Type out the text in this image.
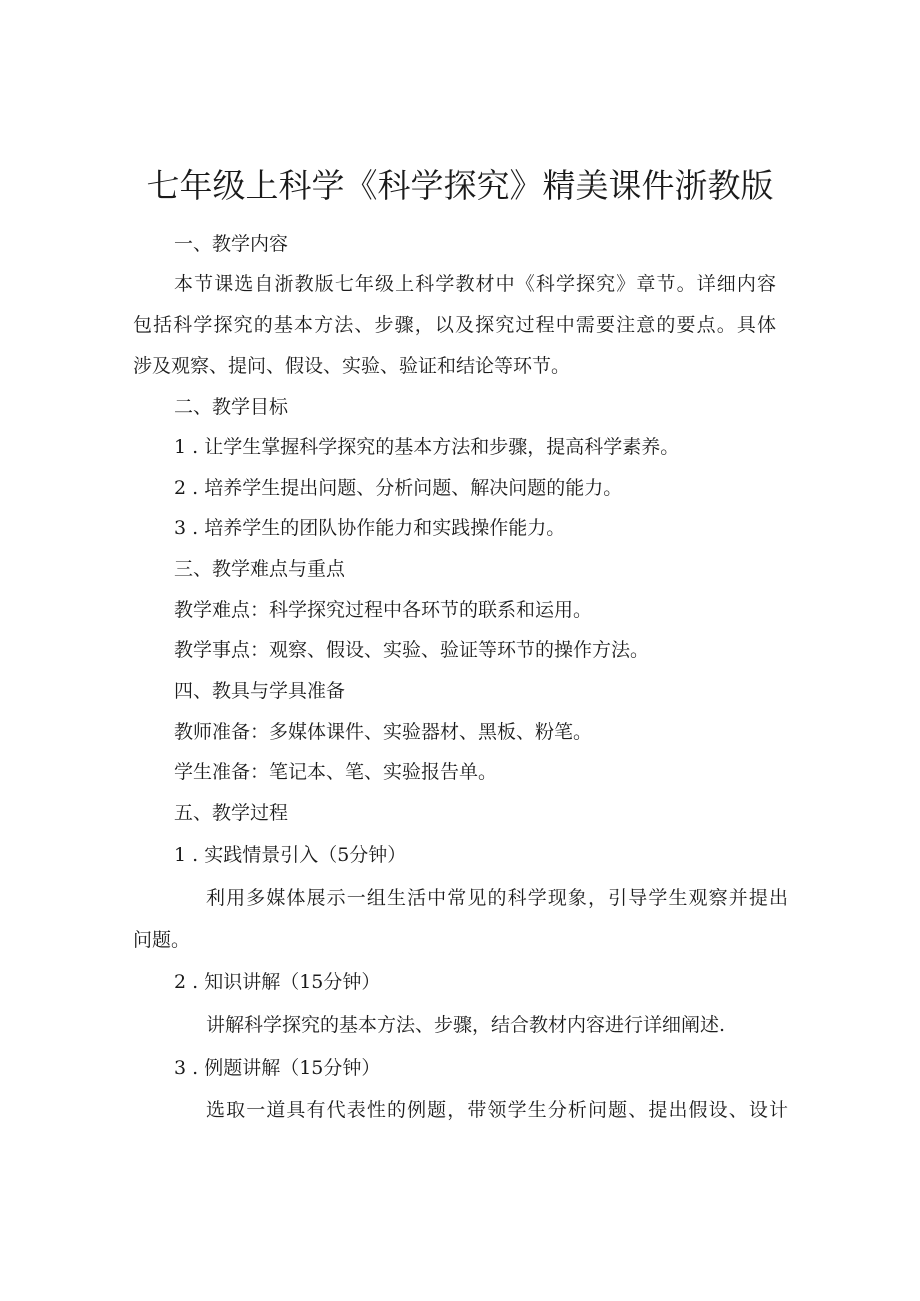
七年级上科学《科学探究》精美课件浙教版

一、教学内容

本节课选自浙教版七年级上科学教材中《科学探究》章节。详细内容

包括科学探究的基本方法、步骤，以及探究过程中需要注意的要点。具体

涉及观察、提问、假设、实验、验证和结论等环节。

二、教学目标

1 . 让学生掌握科学探究的基本方法和步骤，提高科学素养。

2 . 培养学生提出问题、分析问题、解决问题的能力。

3 . 培养学生的团队协作能力和实践操作能力。

三、教学难点与重点

教学难点：科学探究过程中各环节的联系和运用。

教学事点：观察、假设、实验、验证等环节的操作方法。

四、教具与学具准备

教师准备：多媒体课件、实验器材、黑板、粉笔。

学生准备：笔记本、笔、实验报告单。

五、教学过程

1 . 实践情景引入（5分钟）

利用多媒体展示一组生活中常见的科学现象，引导学生观察并提出

问题。

2 . 知识讲解（15分钟）

讲解科学探究的基本方法、步骤，结合教材内容进行详细阐述.

3 . 例题讲解（15分钟）

选取一道具有代表性的例题，带领学生分析问题、提出假设、设计
